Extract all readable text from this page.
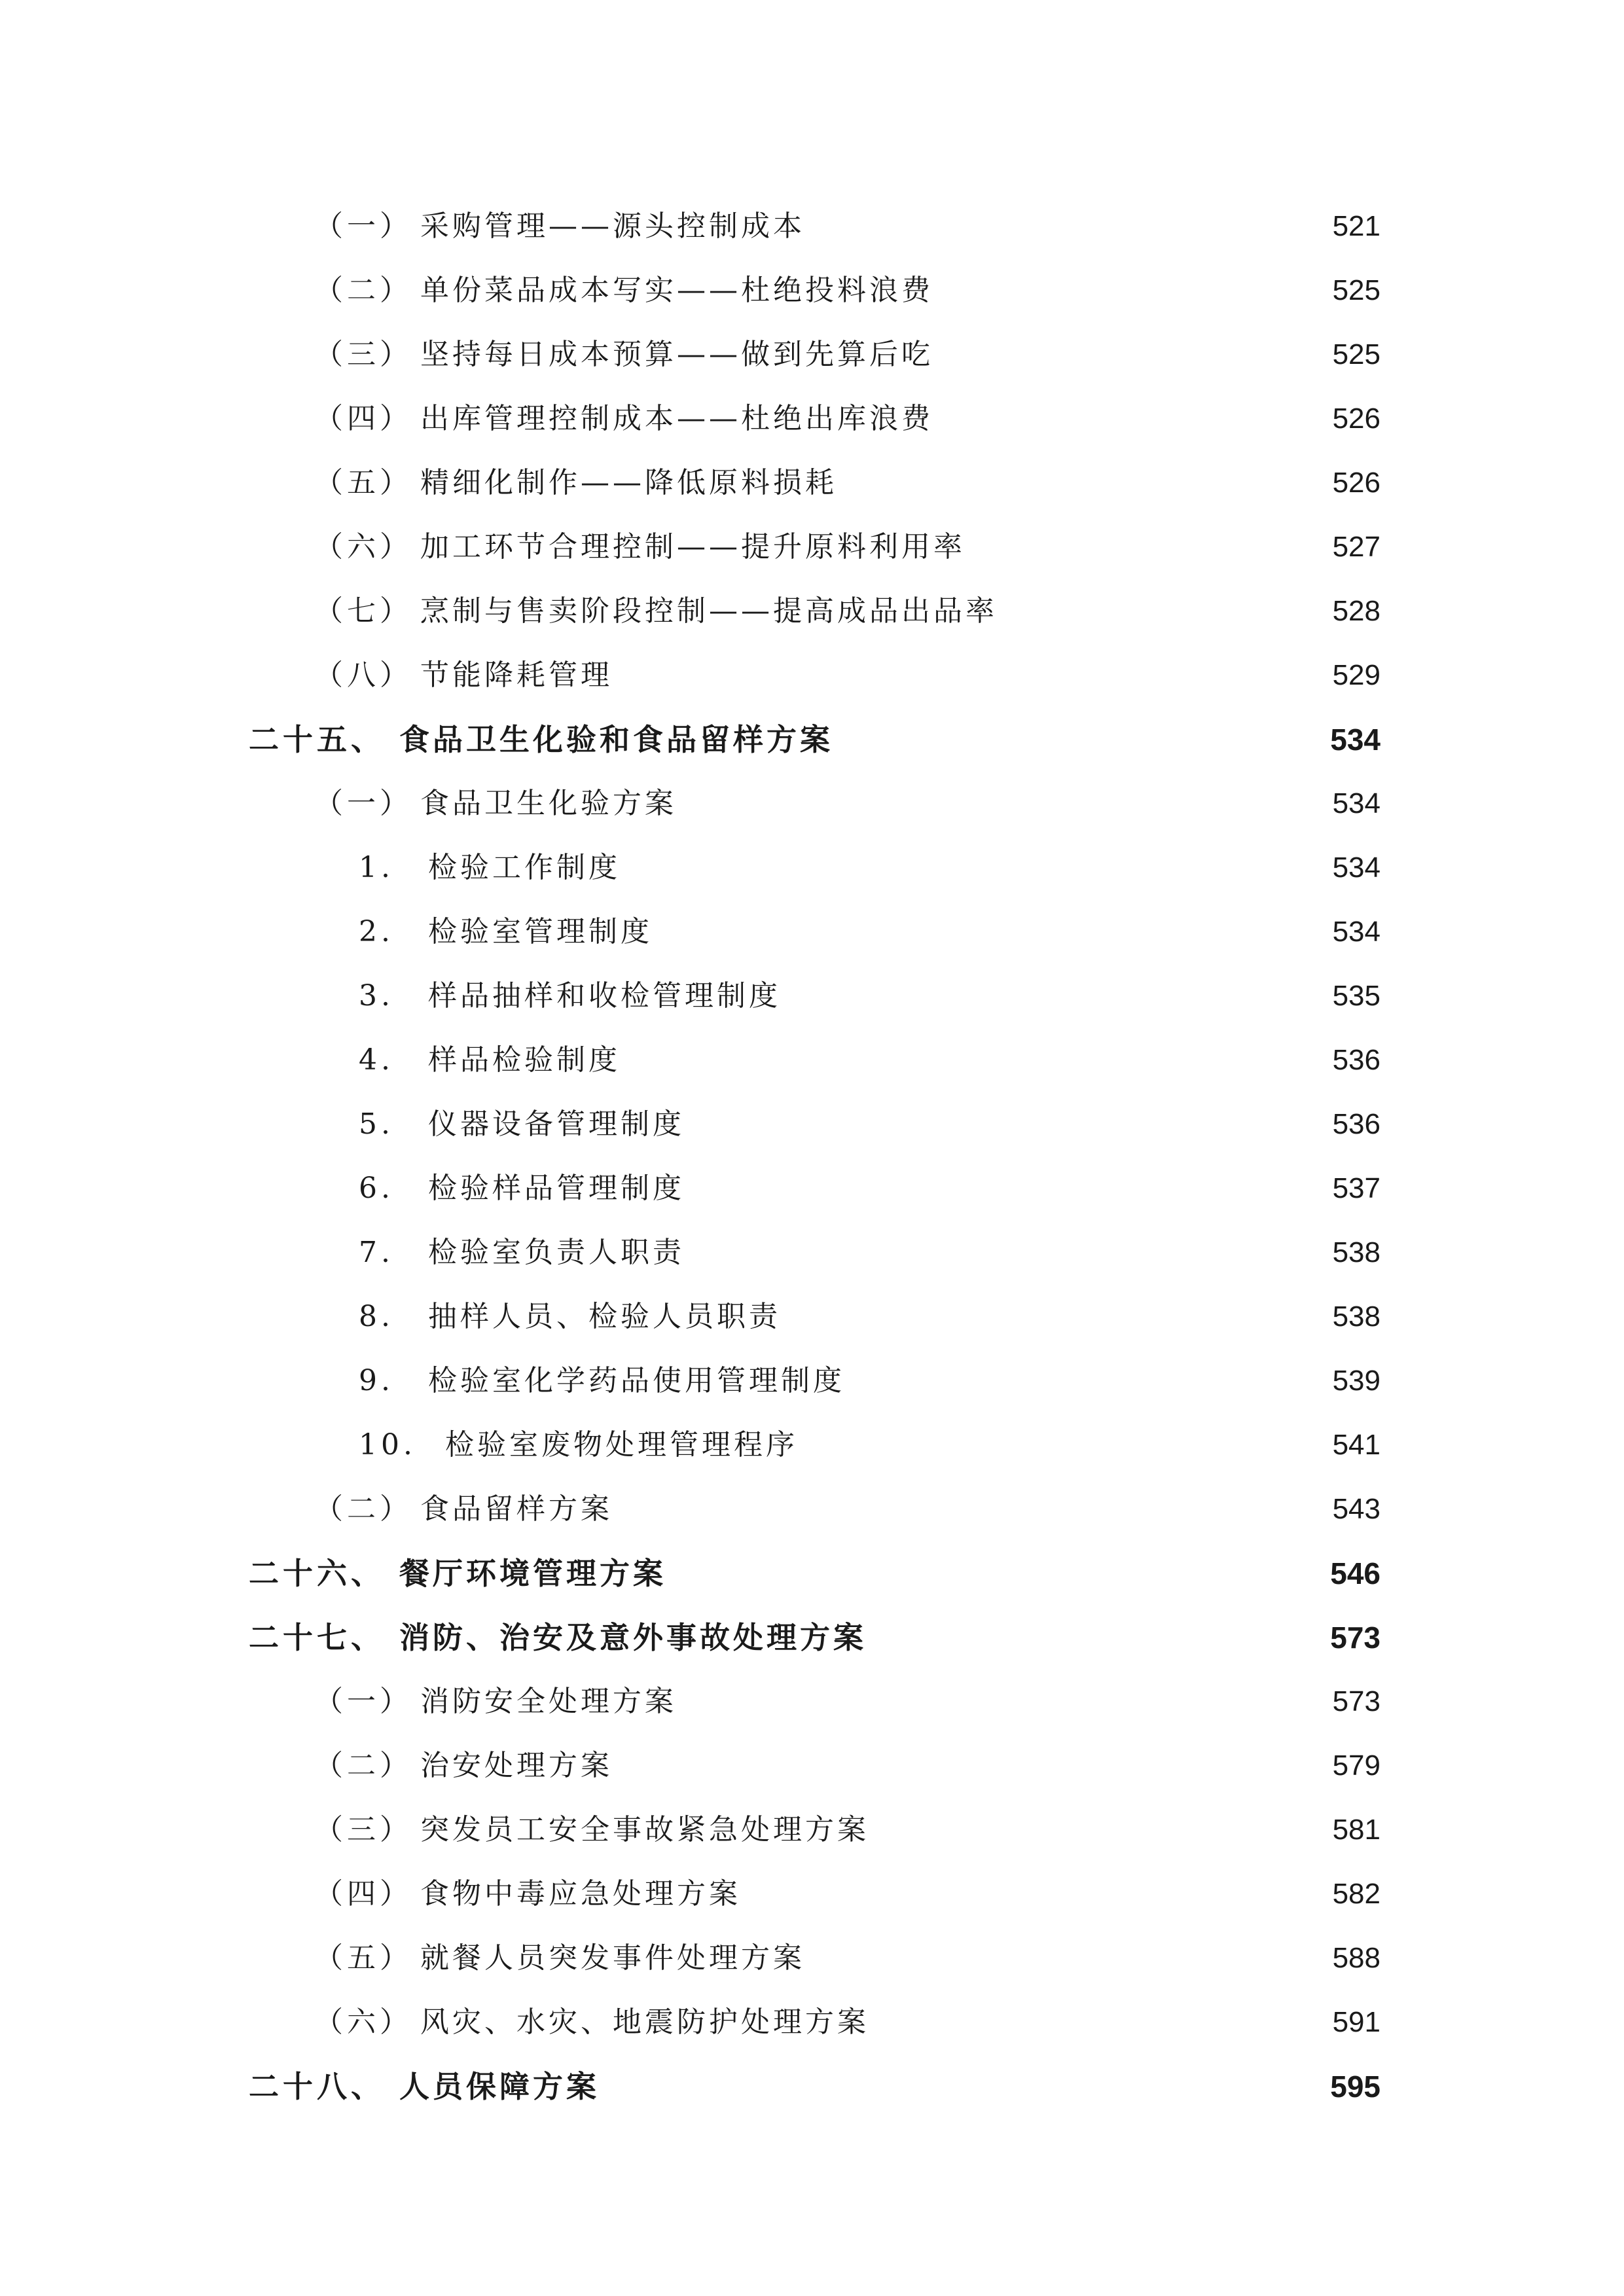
（一） 采购管理——源头控制成本	521
（二） 单份菜品成本写实——杜绝投料浪费	525
（三） 坚持每日成本预算——做到先算后吃	525
（四） 出库管理控制成本——杜绝出库浪费	526
（五） 精细化制作——降低原料损耗	526
（六） 加工环节合理控制——提升原料利用率	527
（七） 烹制与售卖阶段控制——提高成品出品率	528
（八） 节能降耗管理	529
二十五、 食品卫生化验和食品留样方案	534
（一） 食品卫生化验方案	534
1.	检验工作制度	534
2.	检验室管理制度	534
3.	样品抽样和收检管理制度	535
4.	样品检验制度	536
5.	仪器设备管理制度	536
6.	检验样品管理制度	537
7.	检验室负责人职责	538
8.	抽样人员、检验人员职责	538
9.	检验室化学药品使用管理制度	539
10.	检验室废物处理管理程序	541
（二） 食品留样方案	543
二十六、 餐厅环境管理方案	546
二十七、 消防、治安及意外事故处理方案	573
（一） 消防安全处理方案	573
（二） 治安处理方案	579
（三） 突发员工安全事故紧急处理方案	581
（四） 食物中毒应急处理方案	582
（五） 就餐人员突发事件处理方案	588
（六） 风灾、水灾、地震防护处理方案	591
二十八、 人员保障方案	595
